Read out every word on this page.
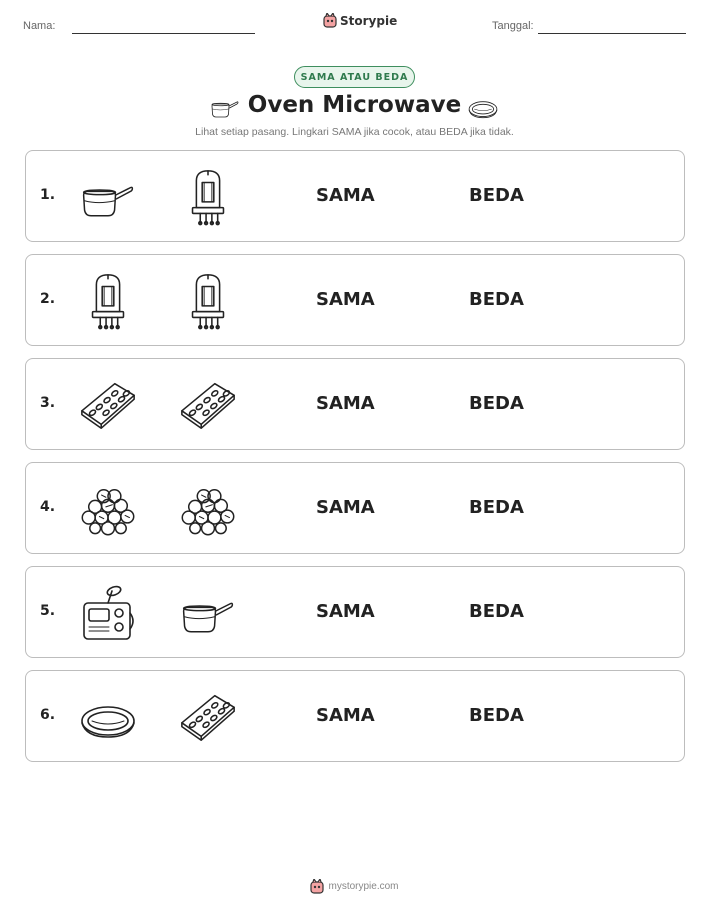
Nama:	Storypie	Tanggal:
SAMA ATAU BEDA
Oven Microwave
Lihat setiap pasang. Lingkari SAMA jika cocok, atau BEDA jika tidak.
1.	SAMA	BEDA
2.	SAMA	BEDA
3.	SAMA	BEDA
4.	SAMA	BEDA
5.	SAMA	BEDA
6.	SAMA	BEDA
mystorypie.com
